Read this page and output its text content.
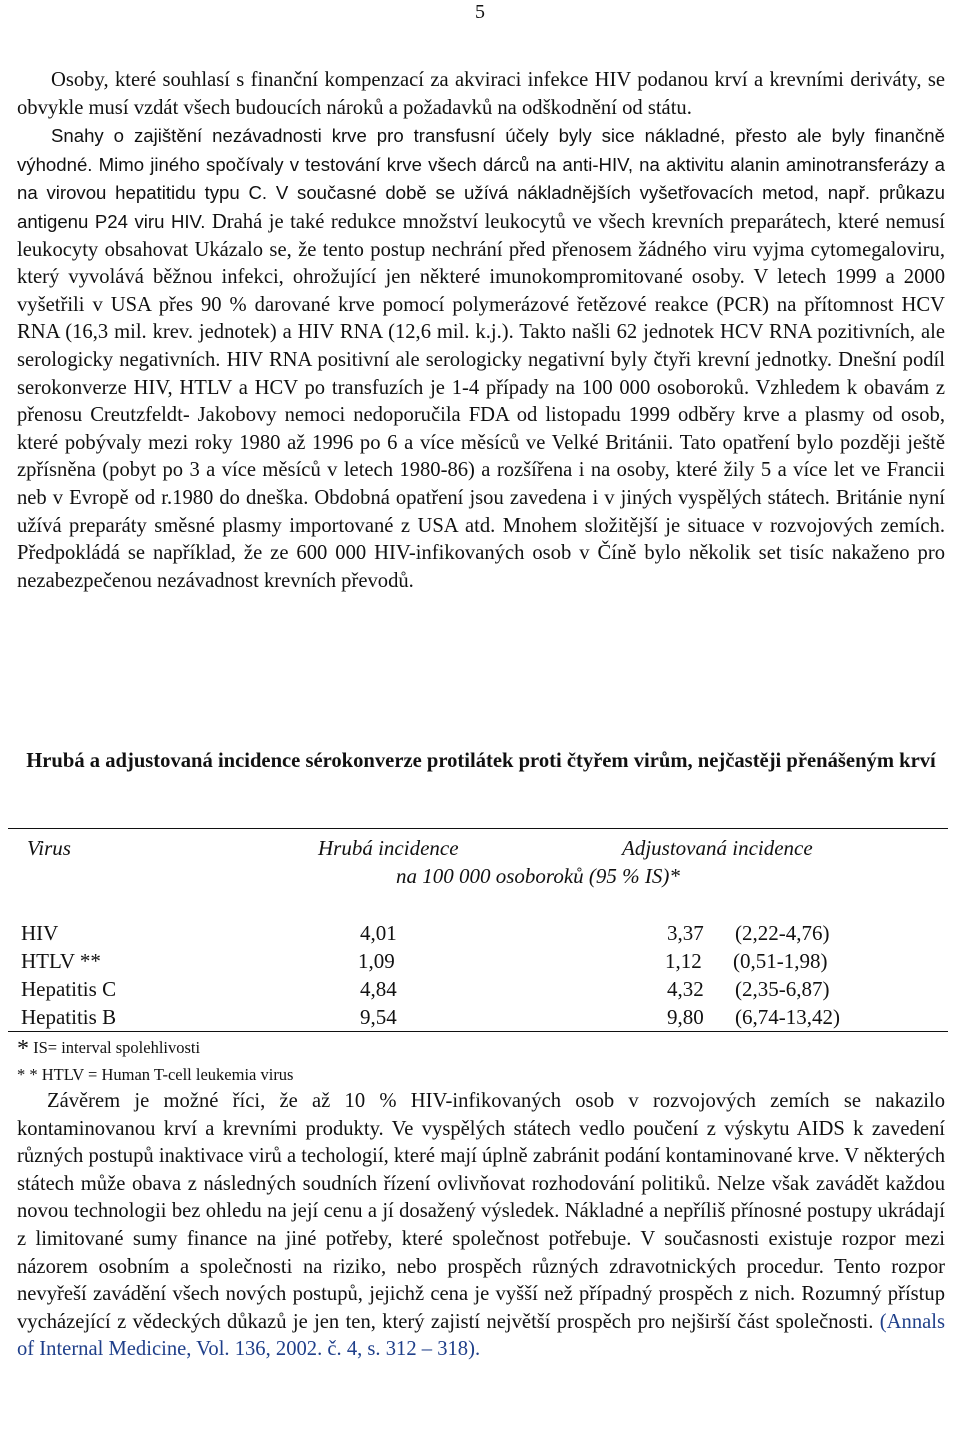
5

Osoby, které souhlasí s finanční kompenzací za akviraci infekce HIV podanou krví a krevními deriváty, se obvykle musí vzdát všech budoucích nároků a požadavků na odškodnění od státu.

Snahy o zajištění nezávadnosti krve pro transfusní účely byly sice nákladné, přesto ale byly finančně výhodné. Mimo jiného spočívaly v testování krve všech dárců na anti-HIV, na aktivitu alanin aminotransferázy a na virovou hepatitidu typu C. V současné době se užívá nákladnějších vyšetřovacích metod, např. průkazu antigenu P24 viru HIV. Drahá je také redukce množství leukocytů ve všech krevních preparátech, které nemusí leukocyty obsahovat Ukázalo se, že tento postup nechrání před přenosem žádného viru vyjma cytomegaloviru, který vyvolává běžnou infekci, ohrožující jen některé imunokompromitované osoby. V letech 1999 a 2000 vyšetřili v USA přes 90 % darované krve pomocí polymerázové řetězové reakce (PCR) na přítomnost HCV RNA (16,3 mil. krev. jednotek) a HIV RNA (12,6 mil. k.j.). Takto našli 62 jednotek HCV RNA pozitivních, ale serologicky negativních. HIV RNA positivní ale serologicky negativní byly čtyři krevní jednotky. Dnešní podíl serokonverze HIV, HTLV a HCV po transfuzích je 1-4 případy na 100 000 osoboroků. Vzhledem k obavám z přenosu Creutzfeldt- Jakobovy nemoci nedoporučila FDA od listopadu 1999 odběry krve a plasmy od osob, které pobývaly mezi roky 1980 až 1996 po 6 a více měsíců ve Velké Británii. Tato opatření bylo později ještě zpřísněna (pobyt po 3 a více měsíců v letech 1980-86) a rozšířena i na osoby, které žily 5 a více let ve Francii neb v Evropě od r.1980 do dneška. Obdobná opatření jsou zavedena i v jiných vyspělých státech. Británie nyní užívá preparáty směsné plasmy importované z USA atd. Mnohem složitější je situace v rozvojových zemích. Předpokládá se například, že ze 600 000 HIV-infikovaných osob v Číně bylo několik set tisíc nakaženo pro nezabezpečenou nezávadnost krevních převodů.

Hrubá a adjustovaná incidence sérokonverze protilátek proti čtyřem virům, nejčastěji přenášeným krví
Virus	Hrubá incidence	Adjustovaná incidence
na 100 000 osoboroků (95 % IS)*
HIV	4,01	3,37 (2,22-4,76)
HTLV **	1,09	1,12 (0,51-1,98)
Hepatitis C	4,84	4,32 (2,35-6,87)
Hepatitis B	9,54	9,80 (6,74-13,42)
* IS= interval spolehlivosti
* * HTLV = Human T-cell leukemia virus

Závěrem je možné říci, že až 10 % HIV-infikovaných osob v rozvojových zemích se nakazilo kontaminovanou krví a krevními produkty. Ve vyspělých státech vedlo poučení z výskytu AIDS k zavedení různých postupů inaktivace virů a techologií, které mají úplně zabránit podání kontaminované krve. V některých státech může obava z následných soudních řízení ovlivňovat rozhodování politiků. Nelze však zavádět každou novou technologii bez ohledu na její cenu a jí dosažený výsledek. Nákladné a nepříliš přínosné postupy ukrádají z limitované sumy finance na jiné potřeby, které společnost potřebuje. V současnosti existuje rozpor mezi názorem osobním a společnosti na riziko, nebo prospěch různých zdravotnických procedur. Tento rozpor nevyřeší zavádění všech nových postupů, jejichž cena je vyšší než případný prospěch z nich. Rozumný přístup vycházející z vědeckých důkazů je jen ten, který zajistí největší prospěch pro nejširší část společnosti. (Annals of Internal Medicine, Vol. 136, 2002. č. 4, s. 312 – 318).
